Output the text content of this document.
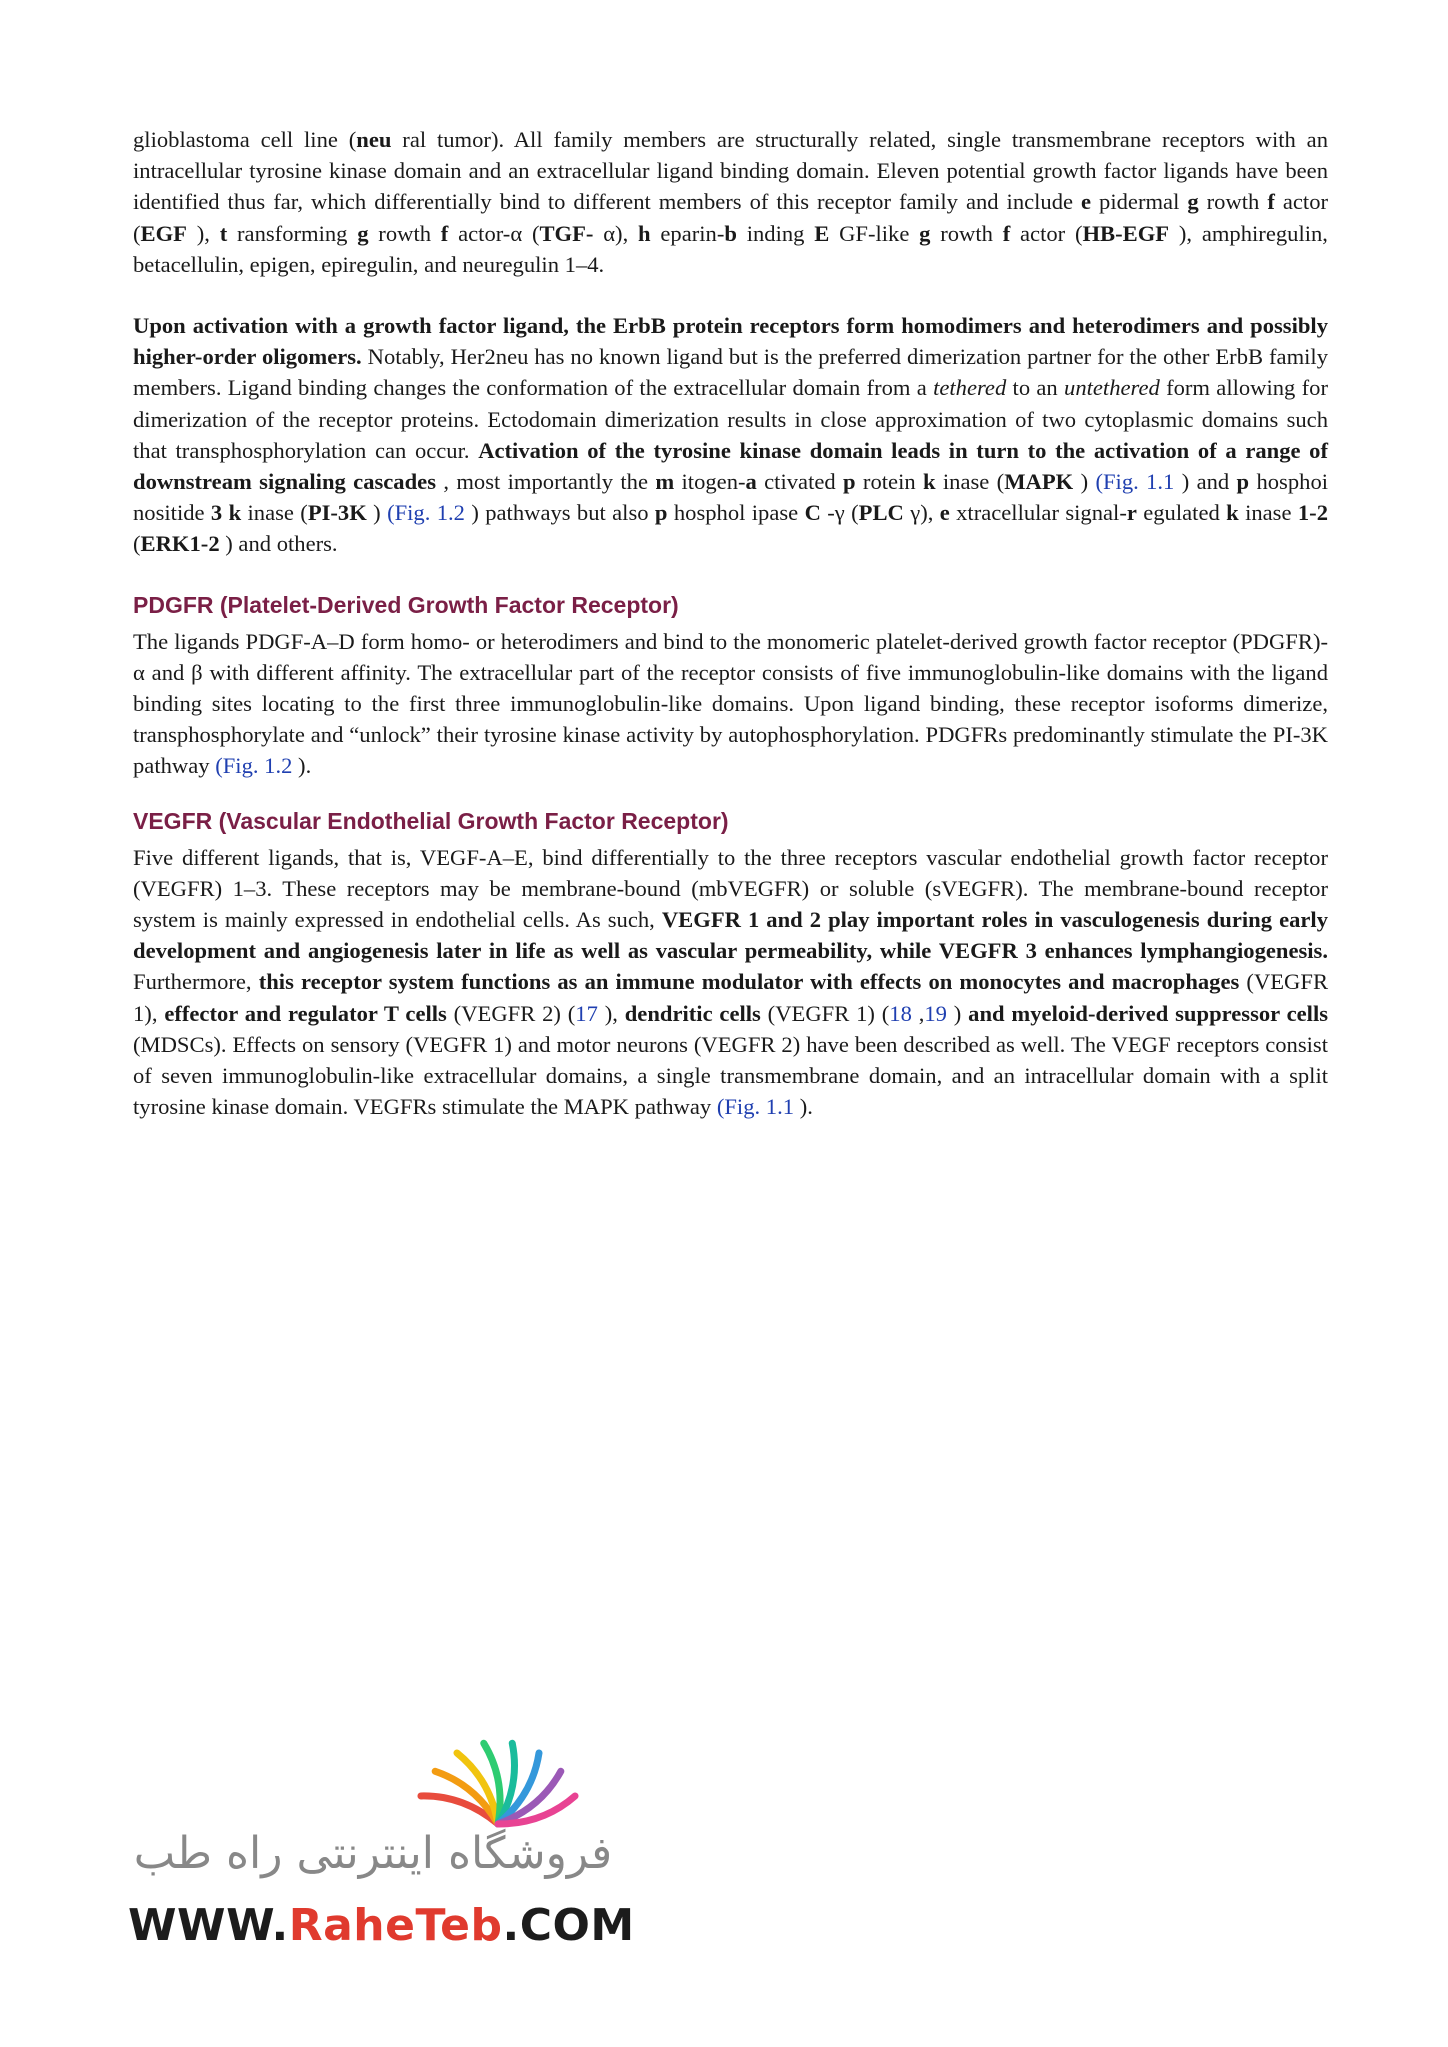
glioblastoma cell line (neu ral tumor). All family members are structurally related, single transmembrane receptors with an intracellular tyrosine kinase domain and an extracellular ligand binding domain. Eleven potential growth factor ligands have been identified thus far, which differentially bind to different members of this receptor family and include e pidermal g rowth f actor (EGF ), t ransforming g rowth f actor-α (TGF- α), h eparin-b inding E GF-like g rowth f actor (HB-EGF ), amphiregulin, betacellulin, epigen, epiregulin, and neuregulin 1–4.

Upon activation with a growth factor ligand, the ErbB protein receptors form homodimers and heterodimers and possibly higher-order oligomers. Notably, Her2neu has no known ligand but is the preferred dimerization partner for the other ErbB family members. Ligand binding changes the conformation of the extracellular domain from a tethered to an untethered form allowing for dimerization of the receptor proteins. Ectodomain dimerization results in close approximation of two cytoplasmic domains such that transphosphorylation can occur. Activation of the tyrosine kinase domain leads in turn to the activation of a range of downstream signaling cascades , most importantly the m itogen-a ctivated p rotein k inase (MAPK ) (Fig. 1.1 ) and p hosphoi nositide 3 k inase (PI-3K ) (Fig. 1.2 ) pathways but also p hosphol ipase C -γ (PLC γ), e xtracellular signal-r egulated k inase 1-2 (ERK1-2 ) and others.

PDGFR (Platelet-Derived Growth Factor Receptor)

The ligands PDGF-A–D form homo- or heterodimers and bind to the monomeric platelet-derived growth factor receptor (PDGFR)-α and β with different affinity. The extracellular part of the receptor consists of five immunoglobulin-like domains with the ligand binding sites locating to the first three immunoglobulin-like domains. Upon ligand binding, these receptor isoforms dimerize, transphosphorylate and “unlock” their tyrosine kinase activity by autophosphorylation. PDGFRs predominantly stimulate the PI-3K pathway (Fig. 1.2 ).

VEGFR (Vascular Endothelial Growth Factor Receptor)

Five different ligands, that is, VEGF-A–E, bind differentially to the three receptors vascular endothelial growth factor receptor (VEGFR) 1–3. These receptors may be membrane-bound (mbVEGFR) or soluble (sVEGFR). The membrane-bound receptor system is mainly expressed in endothelial cells. As such, VEGFR 1 and 2 play important roles in vasculogenesis during early development and angiogenesis later in life as well as vascular permeability, while VEGFR 3 enhances lymphangiogenesis. Furthermore, this receptor system functions as an immune modulator with effects on monocytes and macrophages (VEGFR 1), effector and regulator T cells (VEGFR 2) (17 ), dendritic cells (VEGFR 1) (18 ,19 ) and myeloid-derived suppressor cells (MDSCs). Effects on sensory (VEGFR 1) and motor neurons (VEGFR 2) have been described as well. The VEGF receptors consist of seven immunoglobulin-like extracellular domains, a single transmembrane domain, and an intracellular domain with a split tyrosine kinase domain. VEGFRs stimulate the MAPK pathway (Fig. 1.1 ).

فروشگاه اینترنتی راه طب
WWW.RaheTeb.COM
